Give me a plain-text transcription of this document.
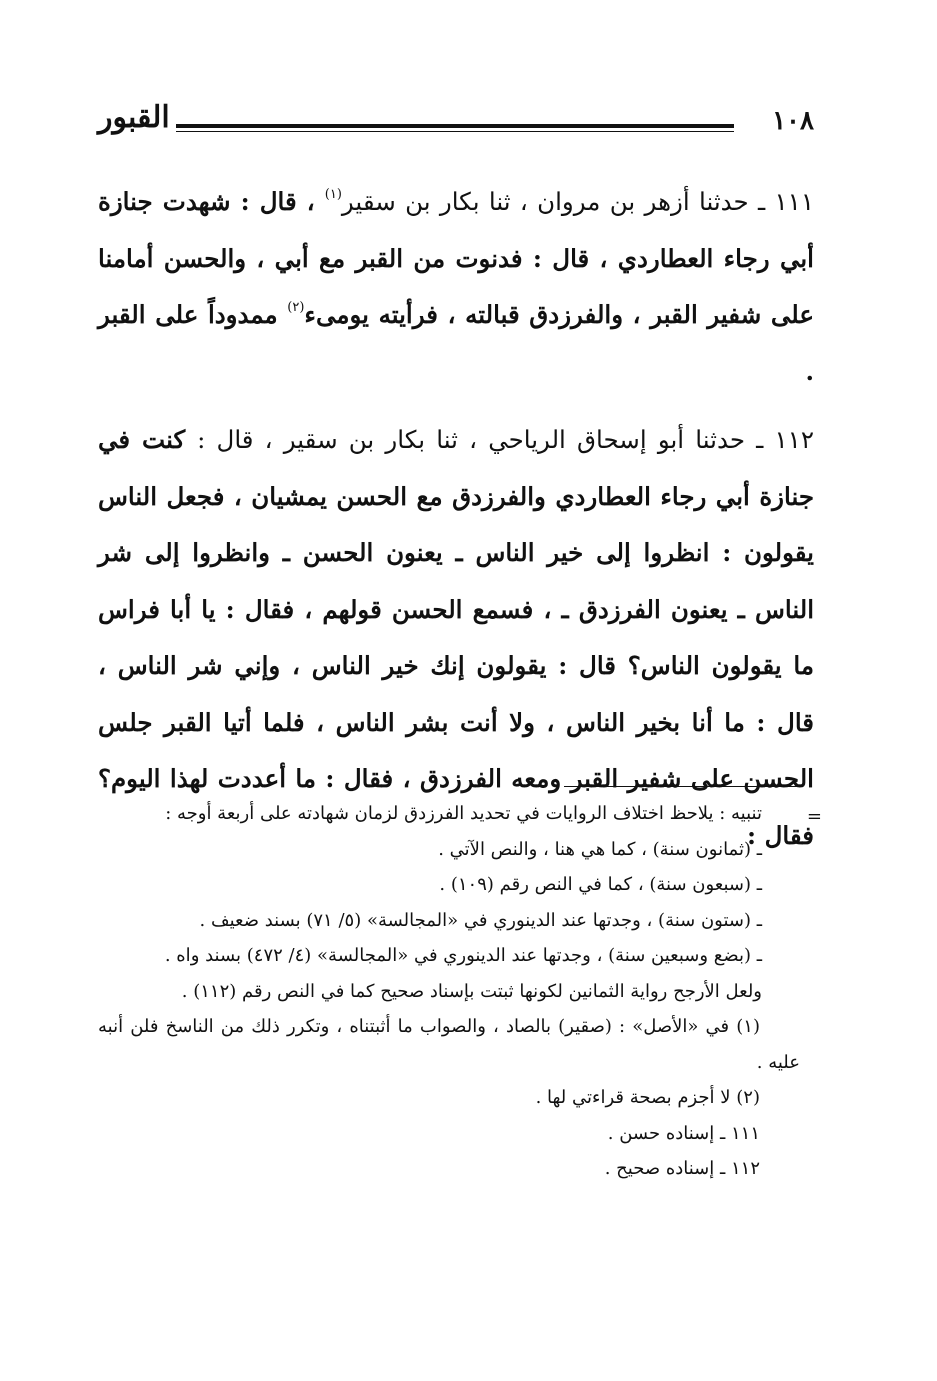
١٠٨
القبور

١١١ ـ حدثنا أزهر بن مروان ، ثنا بكار بن سقير$^{(١)}$ ، قال : شهدت جنازة أبي رجاء العطاردي ، قال : فدنوت من القبر مع أبي ، والحسن أمامنا على شفير القبر ، والفرزدق قبالته ، فرأيته يومىء$^{(٢)}$ ممدوداً على القبر .

١١٢ ـ حدثنا أبو إسحاق الرياحي ، ثنا بكار بن سقير ، قال : كنت في جنازة أبي رجاء العطاردي والفرزدق مع الحسن يمشيان ، فجعل الناس يقولون : انظروا إلى خير الناس ـ يعنون الحسن ـ وانظروا إلى شر الناس ـ يعنون الفرزدق ـ ، فسمع الحسن قولهم ، فقال : يا أبا فراس ما يقولون الناس؟ قال : يقولون إنك خير الناس ، وإني شر الناس ، قال : ما أنا بخير الناس ، ولا أنت بشر الناس ، فلما أتيا القبر جلس الحسن على شفير القبر ومعه الفرزدق ، فقال : ما أعددت لهذا اليوم؟ فقال :

=

تنبيه : يلاحظ اختلاف الروايات في تحديد الفرزدق لزمان شهادته على أربعة أوجه :

ـ (ثمانون سنة) ، كما هي هنا ، والنص الآتي .

ـ (سبعون سنة) ، كما في النص رقم (١٠٩) .

ـ (ستون سنة) ، وجدتها عند الدينوري في «المجالسة» (٥/ ٧١) بسند ضعيف .

ـ (بضع وسبعين سنة) ، وجدتها عند الدينوري في «المجالسة» (٤/ ٤٧٢) بسند واه .

ولعل الأرجح رواية الثمانين لكونها ثبتت بإسناد صحيح كما في النص رقم (١١٢) .

(١) في «الأصل» : (صقير) بالصاد ، والصواب ما أثبتناه ، وتكرر ذلك من الناسخ فلن أنبه عليه .

(٢) لا أجزم بصحة قراءتي لها .

١١١ ـ إسناده حسن .

١١٢ ـ إسناده صحيح .
